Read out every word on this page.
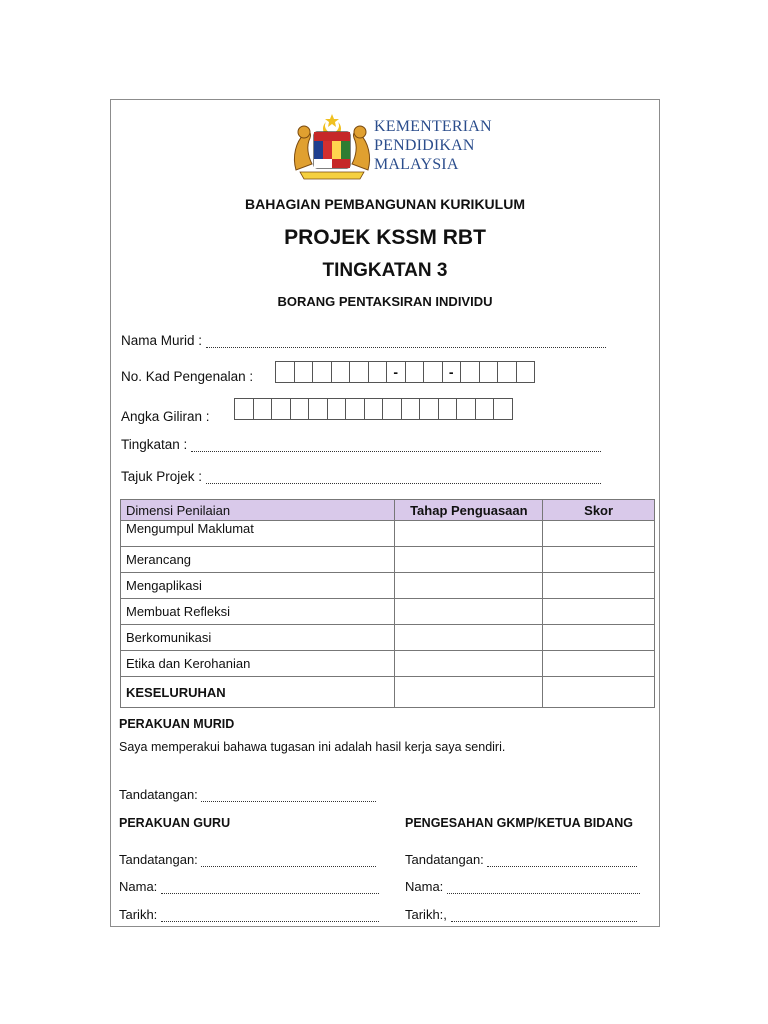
KEMENTERIAN
PENDIDIKAN
MALAYSIA
BAHAGIAN PEMBANGUNAN KURIKULUM
PROJEK KSSM RBT
TINGKATAN 3
BORANG PENTAKSIRAN INDIVIDU
Nama Murid :
No. Kad Pengenalan :	-	-
Angka Giliran :
Tingkatan :
Tajuk Projek :
Dimensi Penilaian	Tahap Penguasaan	Skor
Mengumpul Maklumat		
Merancang		
Mengaplikasi		
Membuat Refleksi		
Berkomunikasi		
Etika dan Kerohanian		
KESELURUHAN		
PERAKUAN MURID
Saya memperakui bahawa tugasan ini adalah hasil kerja saya sendiri.
Tandatangan:
PERAKUAN GURU
Tandatangan:
Nama:
Tarikh:
PENGESAHAN GKMP/KETUA BIDANG
Tandatangan:
Nama:
Tarikh:,
